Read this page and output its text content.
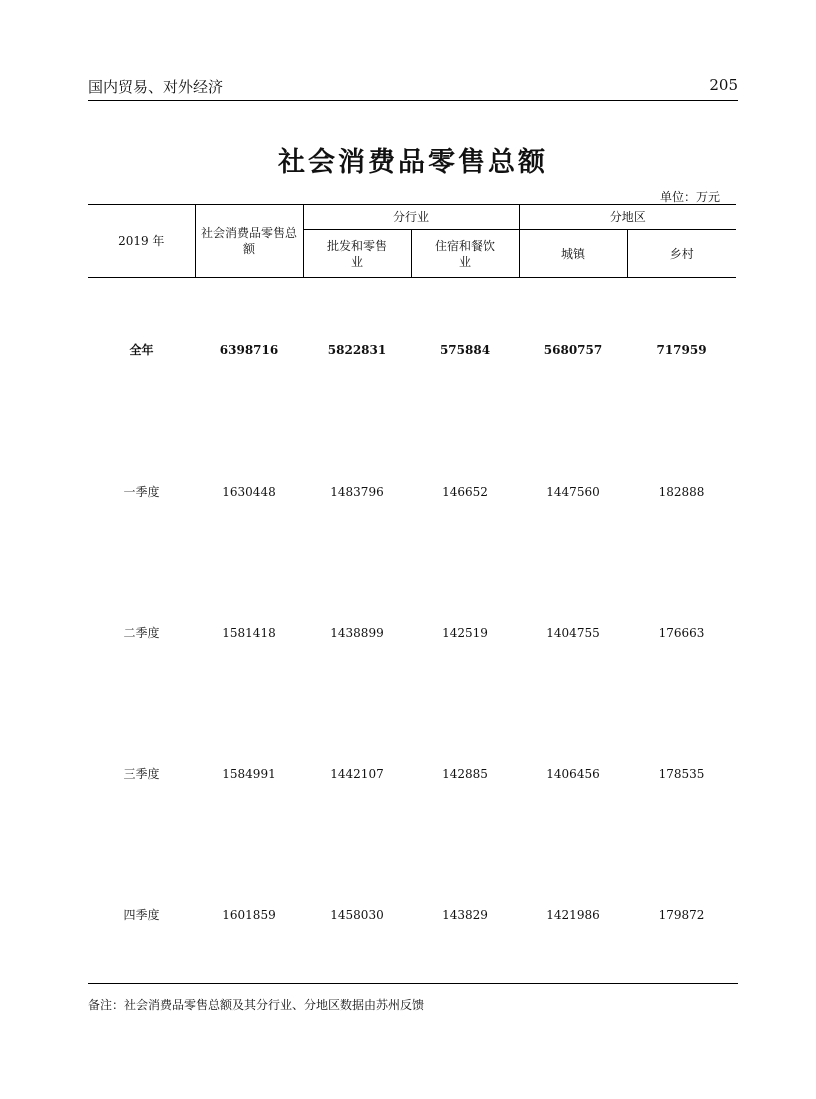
国内贸易、对外经济	205
社会消费品零售总额
单位：万元
2019 年	社会消费品零售总额	分行业		分地区	

		批发和零售业	住宿和餐饮业	城镇	乡村
全年	6398716	5822831	575884	5680757	717959
一季度	1630448	1483796	146652	1447560	182888
二季度	1581418	1438899	142519	1404755	176663
三季度	1584991	1442107	142885	1406456	178535
四季度	1601859	1458030	143829	1421986	179872
备注：社会消费品零售总额及其分行业、分地区数据由苏州反馈
